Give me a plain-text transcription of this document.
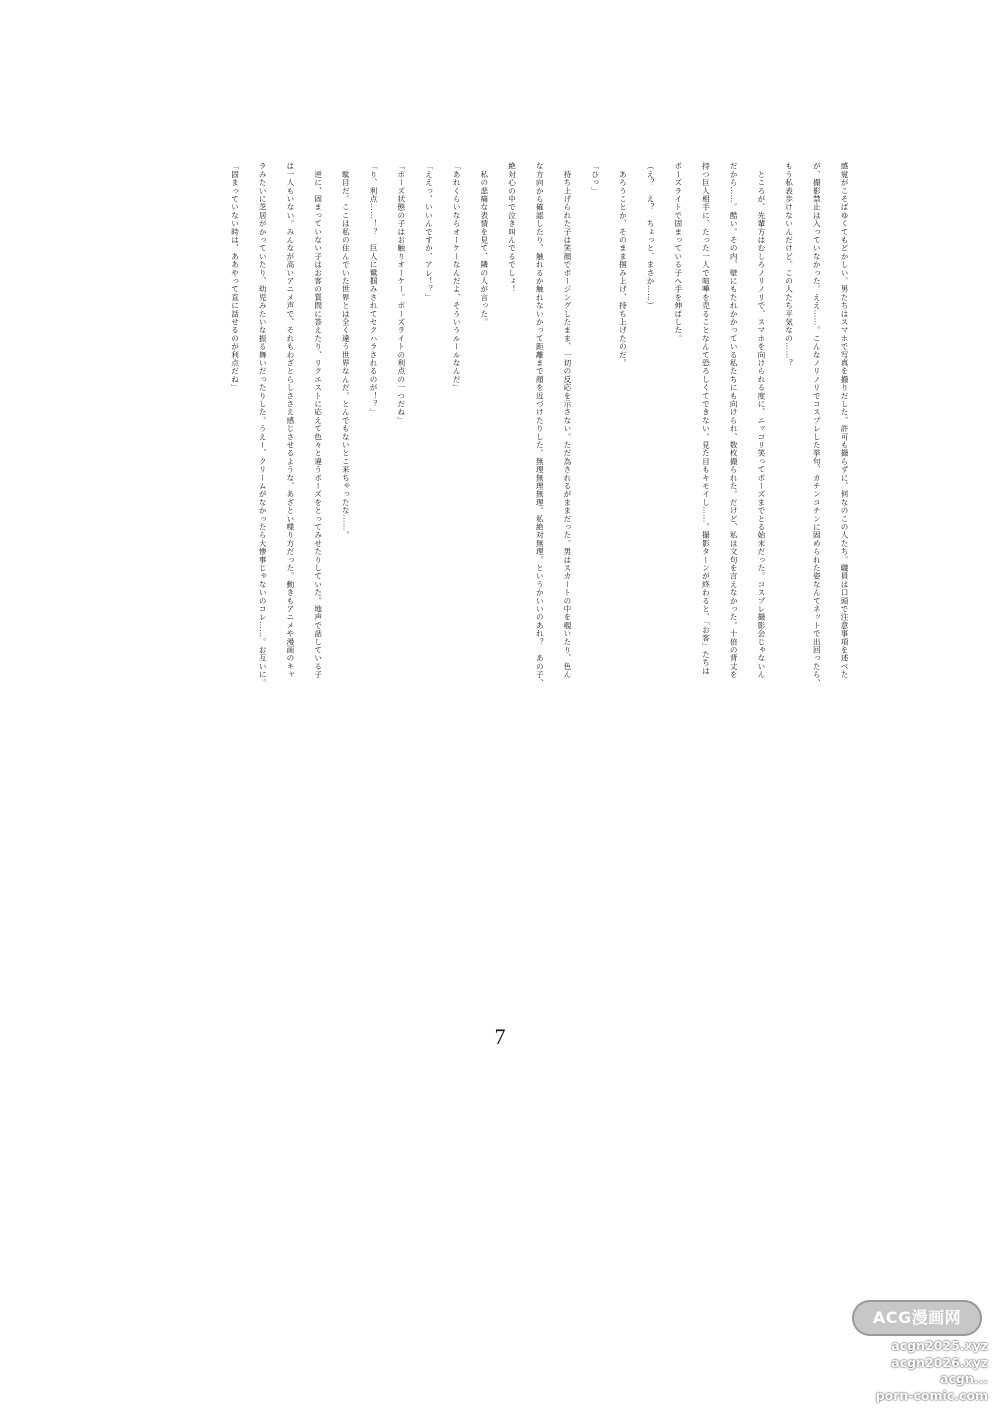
感覚がこそばゆくてもどかしい。男たちはスマホで写真を撮りだした。許可も撮らずに、何なのこの人たち。職員は口頭で注意事項を述べた
が、撮影禁止は入っていなかった。ええ……。こんなノリノリでコスプレした挙句、カチンコチンに固められた姿なんてネットで出回ったら、
もう私表歩けないんだけど。この人たち平気なの……？
　ところが、先輩方はむしろノリノリで、スマホを向けられる度に、ニッコリ笑ってポーズまでとる始末だった。コスプレ撮影会じゃないん
だから……。酷い。その内、壁にもたれかかっている私たちにも向けられ、数枚撮られた。だけど、私は文句を言えなかった。十倍の背丈を
持つ巨人相手に、たった一人で喧嘩を売ることなんて恐ろしくてできない。見た目もキモイし……。撮影ターンが終わると、「お客」たちは
ポーズライトで固まっている子へ手を伸ばした。
（え？　え？　ちょっと、まさか……）
　あろうことか、そのまま掴み上げ、持ち上げたのだ。
「ひっ」
　持ち上げられた子は笑顔でポージングしたまま、一切の反応を示さない。ただ為されるがままだった。男はスカートの中を覗いたり、色ん
な方向から確認したり、触れるか触れないかって距離まで顔を近づけたりした。無理無理無理。私絶対無理。というかいいのあれ？　あの子、
絶対心の中で泣き叫んでるでしょ！
　私の悲痛な表情を見て、隣の人が言った。
「あれくらいならオーケーなんだよ、そういうルールなんだ」
「ええっ、いいんですか、アレ！？」
「ポーズ状態の子はお触りオーケー。ポーズライトの利点の一つだね」
「り、利点……！？　巨人に鷲掴みされてセクハラされるのが！？」
　駄目だ。ここは私の住んでいた世界とは全く違う世界なんだ。とんでもないとこ来ちゃったな……。
　逆に、固まっていない子はお客の質問に答えたり、リクエストに応えて色々と違うポーズをとってみせたりしていた。地声で話している子
は一人もいない。みんなが高いアニメ声で、それもわざとらしささえ感じさせるような、あざとい喋り方だった。動きもアニメや漫画のキャ
ラみたいに芝居がかっていたり、幼児みたいな振る舞いだったりした。うえー、クリームがなかったら大惨事じゃないのコレ……。お互いに。
「固まっていない時は、ああやって直に話せるのが利点だね」
7
ACG漫画网
acgn2025.xyz
acgn2026.xyz
acgn...
porn-comic.com
